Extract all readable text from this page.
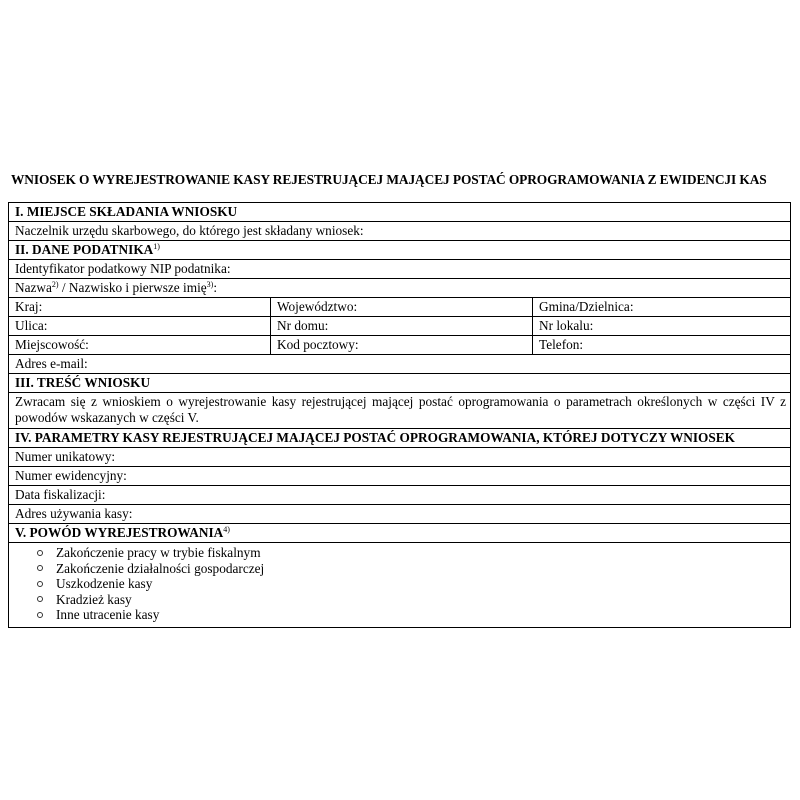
WNIOSEK O WYREJESTROWANIE KASY REJESTRUJĄCEJ MAJĄCEJ POSTAĆ OPROGRAMOWANIA Z EWIDENCJI KAS
I. MIEJSCE SKŁADANIA WNIOSKU
Naczelnik urzędu skarbowego, do którego jest składany wniosek:
II. DANE PODATNIKA$^{1)}$
Identyfikator podatkowy NIP podatnika:
Nazwa$^{2)}$ / Nazwisko i pierwsze imię$^{3)}$:
Kraj:	Województwo:	Gmina/Dzielnica:
Ulica:	Nr domu:	Nr lokalu:
Miejscowość:	Kod pocztowy:	Telefon:
Adres e-mail:
III. TREŚĆ WNIOSKU
Zwracam się z wnioskiem o wyrejestrowanie kasy rejestrującej mającej postać oprogramowania o parametrach określonych w części IV z powodów wskazanych w części V.
IV. PARAMETRY KASY REJESTRUJĄCEJ MAJĄCEJ POSTAĆ OPROGRAMOWANIA, KTÓREJ DOTYCZY WNIOSEK
Numer unikatowy:
Numer ewidencyjny:
Data fiskalizacji:
Adres używania kasy:
V. POWÓD WYREJESTROWANIA$^{4)}$
Zakończenie pracy w trybie fiskalnym
Zakończenie działalności gospodarczej
Uszkodzenie kasy
Kradzież kasy
Inne utracenie kasy
